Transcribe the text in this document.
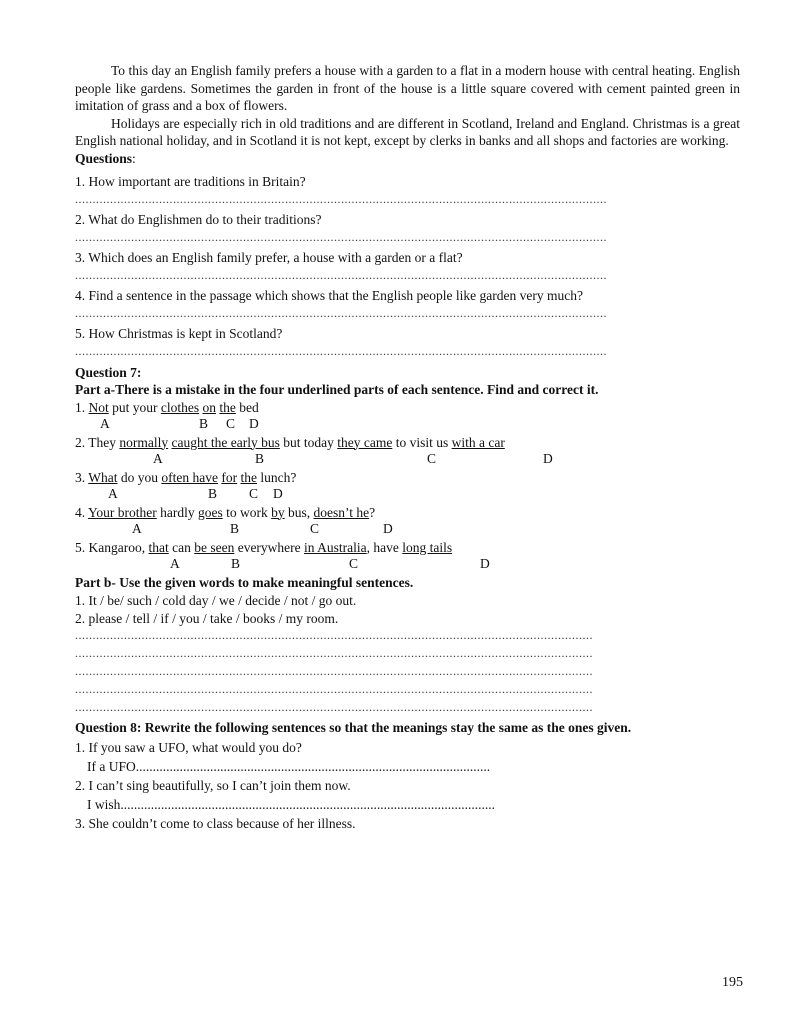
To this day an English family prefers a house with a garden to a flat in a modern house with central heating. English people like gardens. Sometimes the garden in front of the house is a little square covered with cement painted green in imitation of grass and a box of flowers.

Holidays are especially rich in old traditions and are different in Scotland, Ireland and England. Christmas is a great English national holiday, and in Scotland it is not kept, except by clerks in banks and all shops and factories are working.

Questions:
1. How important are traditions in Britain?
........................................................................................................................................................
2. What do Englishmen do to their traditions?
........................................................................................................................................................
3. Which does an English family prefer, a house with a garden or a flat?
........................................................................................................................................................
4. Find a sentence in the passage which shows that the English people like garden very much?
........................................................................................................................................................
5. How Christmas is kept in Scotland?
........................................................................................................................................................
Question 7:
Part a-There is a mistake in the four underlined parts of each sentence. Find and correct it.
1. Not put your clothes on the bed
A	B C D
2. They normally caught the early bus but today they came to visit us with a car
A	B	C	D
3. What do you often have for the lunch?
A	B C D
4. Your brother hardly goes to work by bus, doesn’t he?
A	B	C	D
5. Kangaroo, that can be seen everywhere in Australia, have long tails
A	B	C	D
Part b- Use the given words to make meaningful sentences.
1. It / be/ such / cold day / we / decide / not / go out.
2. please / tell / if / you / take / books / my room.
....................................................................................................................................................
....................................................................................................................................................
....................................................................................................................................................
....................................................................................................................................................
....................................................................................................................................................
Question 8: Rewrite the following sentences so that the meanings stay the same as the ones given.
1. If you saw a UFO, what would you do?
If a UFO.........................................................................................................
2. I can’t sing beautifully, so I can’t join them now.
I wish...............................................................................................................
3. She couldn’t come to class because of her illness.
195
